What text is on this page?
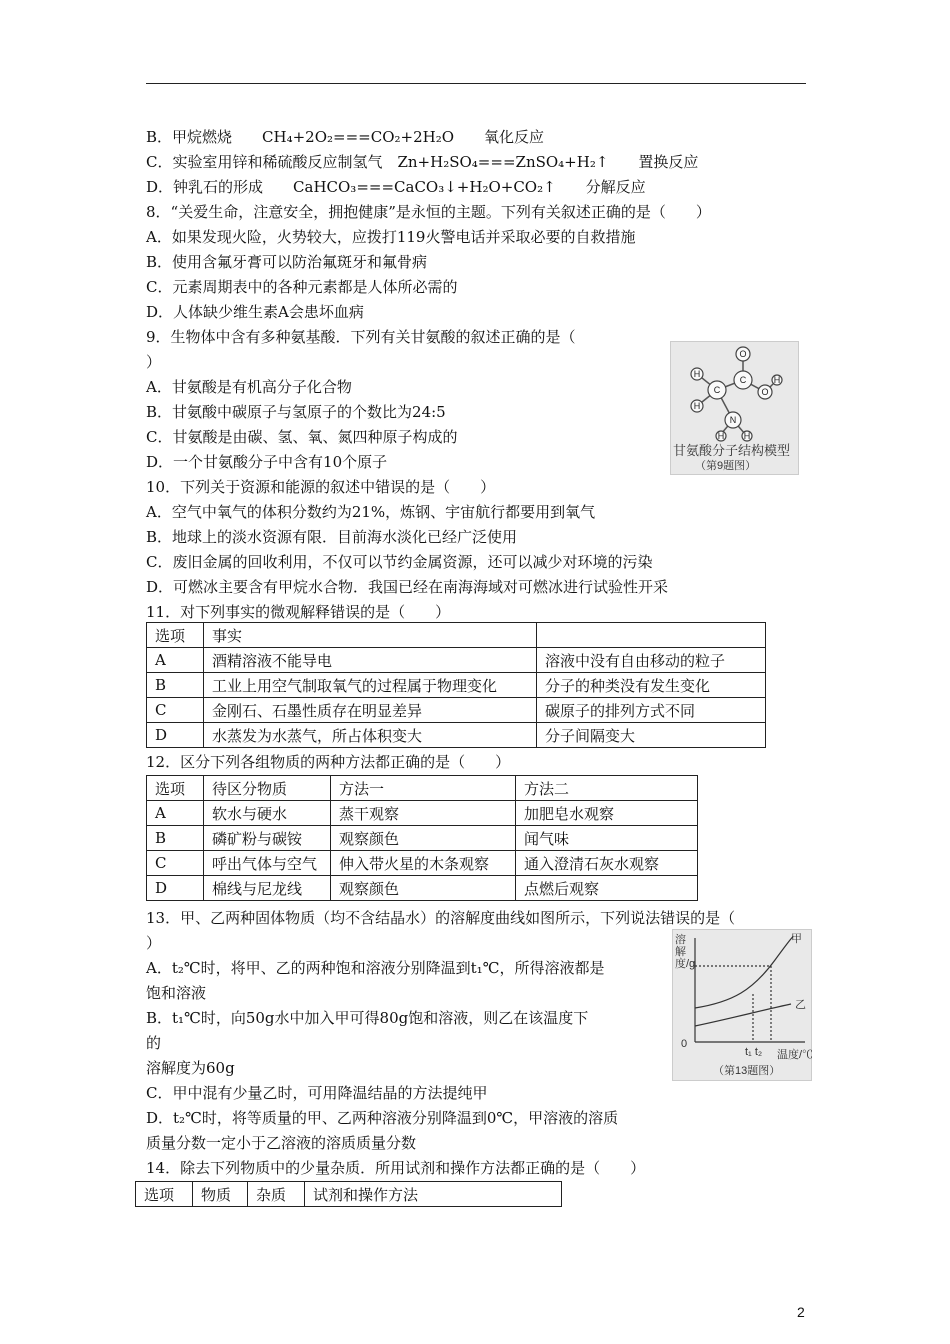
B．甲烷燃烧　　CH₄+2O₂===CO₂+2H₂O　　氧化反应
C．实验室用锌和稀硫酸反应制氢气　Zn+H₂SO₄===ZnSO₄+H₂↑　　置换反应
D．钟乳石的形成　　CaHCO₃===CaCO₃↓+H₂O+CO₂↑　　分解反应
8．“关爱生命，注意安全，拥抱健康”是永恒的主题。下列有关叙述正确的是（　　）
A．如果发现火险，火势较大，应拨打119火警电话并采取必要的自救措施
B．使用含氟牙膏可以防治氟斑牙和氟骨病
C．元素周期表中的各种元素都是人体所必需的
D．人体缺少维生素A会患坏血病
9．生物体中含有多种氨基酸．下列有关甘氨酸的叙述正确的是（
）
A．甘氨酸是有机高分子化合物
B．甘氨酸中碳原子与氢原子的个数比为24:5
C．甘氨酸是由碳、氢、氧、氮四种原子构成的
D．一个甘氨酸分子中含有10个原子
10．下列关于资源和能源的叙述中错误的是（　　）
A．空气中氧气的体积分数约为21%，炼钢、宇宙航行都要用到氧气
B．地球上的淡水资源有限．目前海水淡化已经广泛使用
C．废旧金属的回收利用，不仅可以节约金属资源，还可以减少对环境的污染
D．可燃冰主要含有甲烷水合物．我国已经在南海海域对可燃冰进行试验性开采
11．对下列事实的微观解释错误的是（　　）
H
H
C
C
O
O
H
N
H H
甘氨酸分子结构模型
（第9题图）
选项	事实	
A	酒精溶液不能导电	溶液中没有自由移动的粒子
B	工业上用空气制取氧气的过程属于物理变化	分子的种类没有发生变化
C	金刚石、石墨性质存在明显差异	碳原子的排列方式不同
D	水蒸发为水蒸气，所占体积变大	分子间隔变大
12．区分下列各组物质的两种方法都正确的是（　　）
选项	待区分物质	方法一	方法二
A	软水与硬水	蒸干观察	加肥皂水观察
B	磷矿粉与碳铵	观察颜色	闻气味
C	呼出气体与空气	伸入带火星的木条观察	通入澄清石灰水观察
D	棉线与尼龙线	观察颜色	点燃后观察
13．甲、乙两种固体物质（均不含结晶水）的溶解度曲线如图所示，下列说法错误的是（
）
A．t₂℃时，将甲、乙的两种饱和溶液分别降温到t₁℃，所得溶液都是
饱和溶液
B．t₁℃时，向50g水中加入甲可得80g饱和溶液，则乙在该温度下
的
溶解度为60g
C．甲中混有少量乙时，可用降温结晶的方法提纯甲
D．t₂℃时，将等质量的甲、乙两种溶液分别降温到0℃，甲溶液的溶质
质量分数一定小于乙溶液的溶质质量分数
14．除去下列物质中的少量杂质．所用试剂和操作方法都正确的是（　　）
溶解度/g
甲
乙
0
t₁ t₂ 温度/℃
（第13题图）
选项	物质	杂质	试剂和操作方法
2
